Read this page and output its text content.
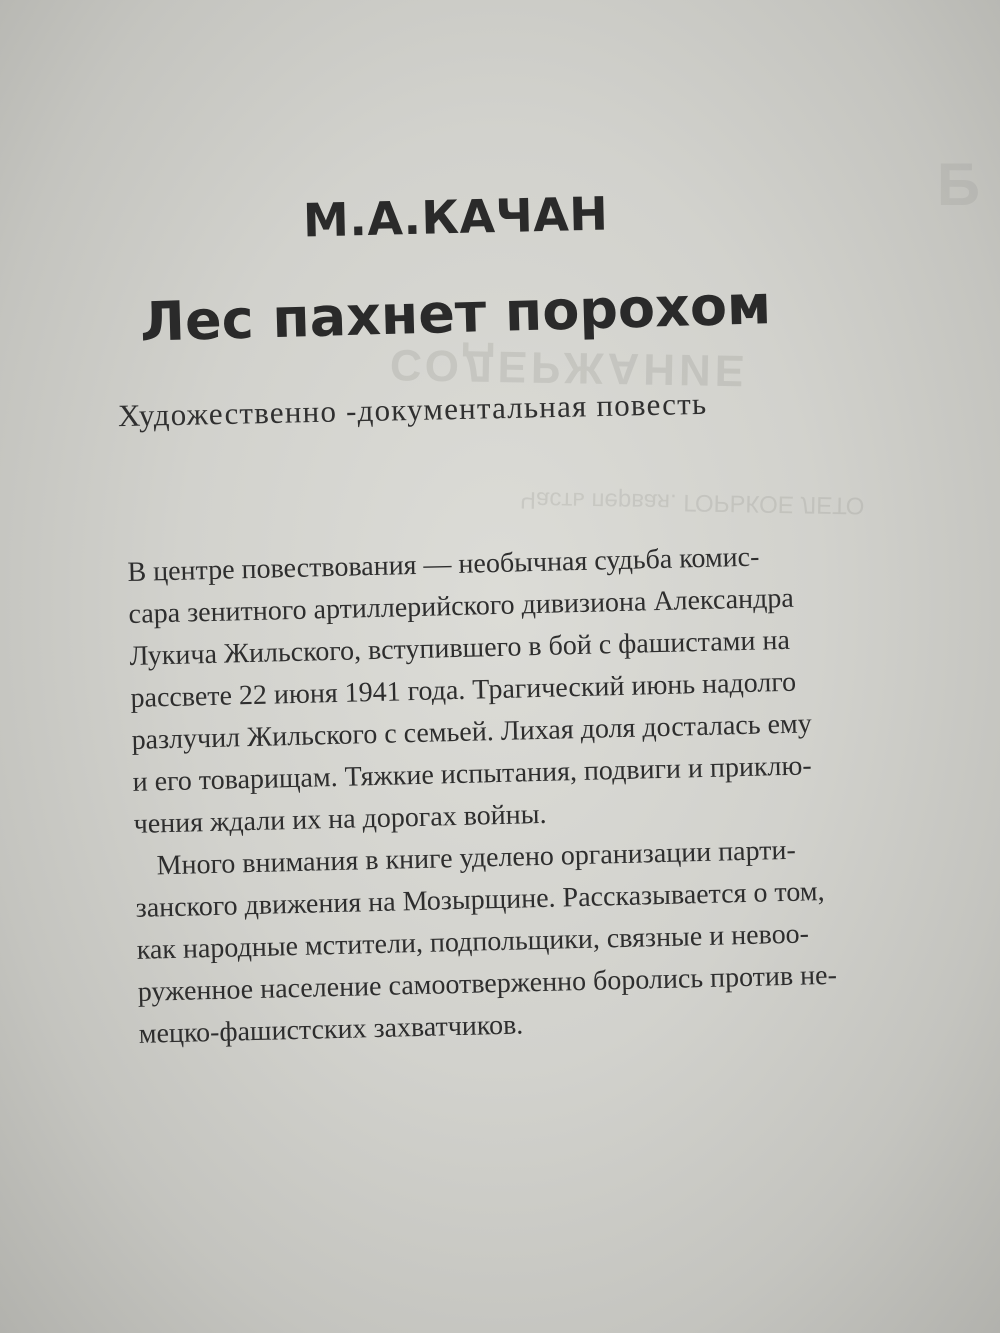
Б
СОДЕРЖАНИЕ
Часть первая. ГОРЬКОЕ ЛЕТО
М.А.КАЧАН
Лес пахнет порохом
Художественно -документальная повесть
В центре повествования — необычная судьба комис-
сара зенитного артиллерийского дивизиона Александра
Лукича Жильского, вступившего в бой с фашистами на
рассвете 22 июня 1941 года. Трагический июнь надолго
разлучил Жильского с семьей. Лихая доля досталась ему
и его товарищам. Тяжкие испытания, подвиги и приклю-
чения ждали их на дорогах войны.
Много внимания в книге уделено организации парти-
занского движения на Мозырщине. Рассказывается о том,
как народные мстители, подпольщики, связные и невоо-
руженное население самоотверженно боролись против не-
мецко-фашистских захватчиков.
